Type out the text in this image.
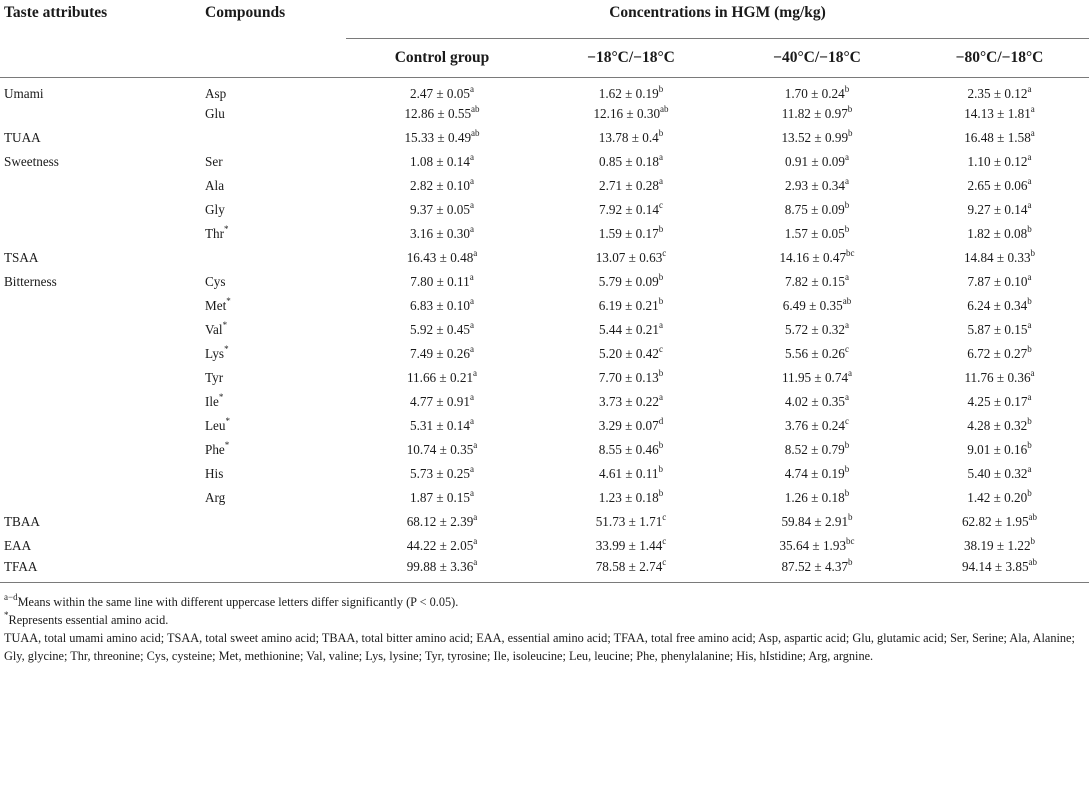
Taste attributes	Compounds	Concentrations in HGM (mg/kg)			
		Control group	−18°C/−18°C	−40°C/−18°C	−80°C/−18°C
Umami	Asp	2.47 ± 0.05$^a$	1.62 ± 0.19$^b$	1.70 ± 0.24$^b$	2.35 ± 0.12$^a$
	Glu	12.86 ± 0.55$^{ab}$	12.16 ± 0.30$^{ab}$	11.82 ± 0.97$^b$	14.13 ± 1.81$^a$
TUAA		15.33 ± 0.49$^{ab}$	13.78 ± 0.4$^b$	13.52 ± 0.99$^b$	16.48 ± 1.58$^a$
Sweetness	Ser	1.08 ± 0.14$^a$	0.85 ± 0.18$^a$	0.91 ± 0.09$^a$	1.10 ± 0.12$^a$
	Ala	2.82 ± 0.10$^a$	2.71 ± 0.28$^a$	2.93 ± 0.34$^a$	2.65 ± 0.06$^a$
	Gly	9.37 ± 0.05$^a$	7.92 ± 0.14$^c$	8.75 ± 0.09$^b$	9.27 ± 0.14$^a$
	Thr*	3.16 ± 0.30$^a$	1.59 ± 0.17$^b$	1.57 ± 0.05$^b$	1.82 ± 0.08$^b$
TSAA		16.43 ± 0.48$^a$	13.07 ± 0.63$^c$	14.16 ± 0.47$^{bc}$	14.84 ± 0.33$^b$
Bitterness	Cys	7.80 ± 0.11$^a$	5.79 ± 0.09$^b$	7.82 ± 0.15$^a$	7.87 ± 0.10$^a$
	Met*	6.83 ± 0.10$^a$	6.19 ± 0.21$^b$	6.49 ± 0.35$^{ab}$	6.24 ± 0.34$^b$
	Val*	5.92 ± 0.45$^a$	5.44 ± 0.21$^a$	5.72 ± 0.32$^a$	5.87 ± 0.15$^a$
	Lys*	7.49 ± 0.26$^a$	5.20 ± 0.42$^c$	5.56 ± 0.26$^c$	6.72 ± 0.27$^b$
	Tyr	11.66 ± 0.21$^a$	7.70 ± 0.13$^b$	11.95 ± 0.74$^a$	11.76 ± 0.36$^a$
	Ile*	4.77 ± 0.91$^a$	3.73 ± 0.22$^a$	4.02 ± 0.35$^a$	4.25 ± 0.17$^a$
	Leu*	5.31 ± 0.14$^a$	3.29 ± 0.07$^d$	3.76 ± 0.24$^c$	4.28 ± 0.32$^b$
	Phe*	10.74 ± 0.35$^a$	8.55 ± 0.46$^b$	8.52 ± 0.79$^b$	9.01 ± 0.16$^b$
	His	5.73 ± 0.25$^a$	4.61 ± 0.11$^b$	4.74 ± 0.19$^b$	5.40 ± 0.32$^a$
	Arg	1.87 ± 0.15$^a$	1.23 ± 0.18$^b$	1.26 ± 0.18$^b$	1.42 ± 0.20$^b$
TBAA		68.12 ± 2.39$^a$	51.73 ± 1.71$^c$	59.84 ± 2.91$^b$	62.82 ± 1.95$^{ab}$
EAA		44.22 ± 2.05$^a$	33.99 ± 1.44$^c$	35.64 ± 1.93$^{bc}$	38.19 ± 1.22$^b$
TFAA		99.88 ± 3.36$^a$	78.58 ± 2.74$^c$	87.52 ± 4.37$^b$	94.14 ± 3.85$^{ab}$

$^{a-d}$Means within the same line with different uppercase letters differ significantly (P < 0.05).

*Represents essential amino acid.

TUAA, total umami amino acid; TSAA, total sweet amino acid; TBAA, total bitter amino acid; EAA, essential amino acid; TFAA, total free amino acid; Asp, aspartic acid; Glu, glutamic acid; Ser, Serine; Ala, Alanine; Gly, glycine; Thr, threonine; Cys, cysteine; Met, methionine; Val, valine; Lys, lysine; Tyr, tyrosine; Ile, isoleucine; Leu, leucine; Phe, phenylalanine; His, hIstidine; Arg, argnine.
